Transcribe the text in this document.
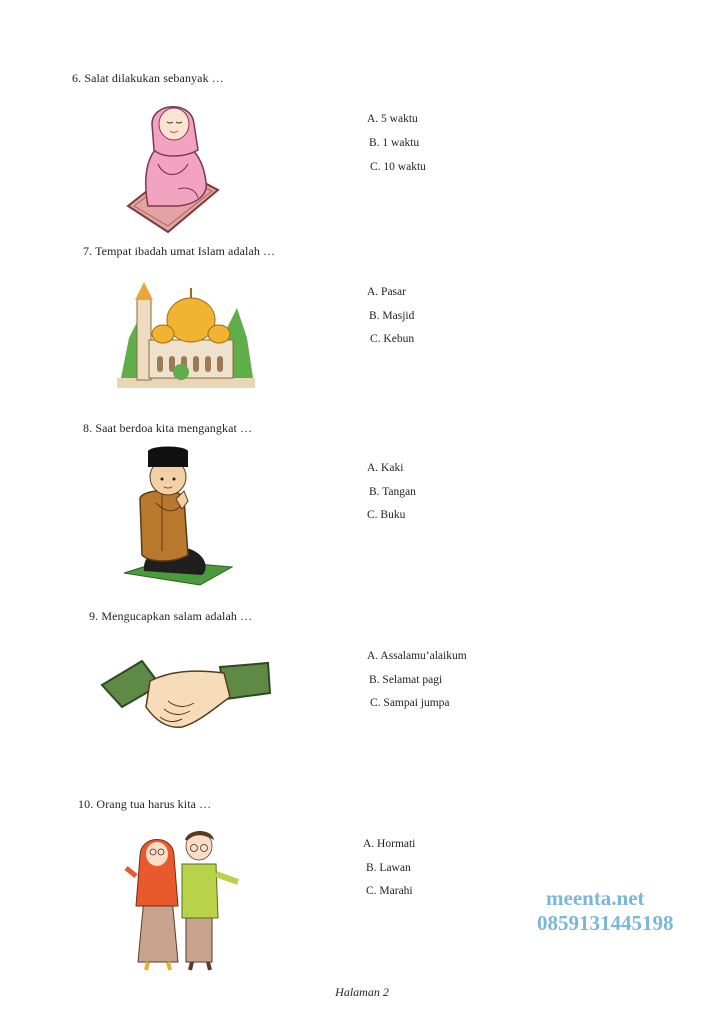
6. Salat dilakukan sebanyak …
A. 5 waktu
B. 1 waktu
C. 10 waktu
7. Tempat ibadah umat Islam adalah …
A. Pasar
B. Masjid
C. Kebun
8. Saat berdoa kita mengangkat …
A. Kaki
B. Tangan
C. Buku
9. Mengucapkan salam adalah …
A. Assalamu’alaikum
B. Selamat pagi
C. Sampai jumpa
10. Orang tua harus kita …
A. Hormati
B. Lawan
C. Marahi	meenta.net
0859131445198
Halaman 2
